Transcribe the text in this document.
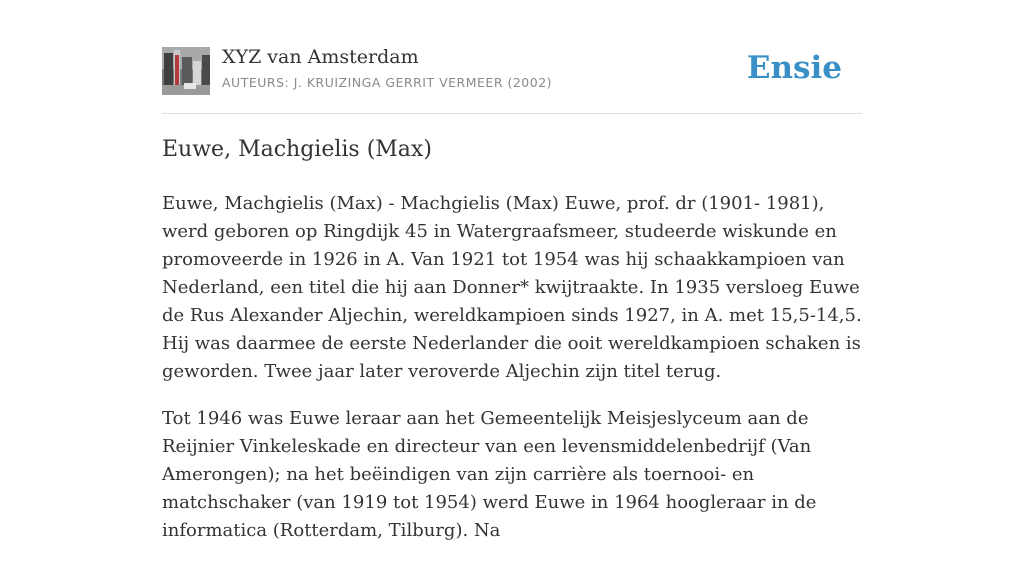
XYZ van Amsterdam
AUTEURS: J. KRUIZINGA GERRIT VERMEER (2002)	Ensie
Euwe, Machgielis (Max)

Euwe, Machgielis (Max) - Machgielis (Max) Euwe, prof. dr (1901- 1981), werd geboren op Ringdijk 45 in Watergraafsmeer, studeerde wiskunde en promoveerde in 1926 in A. Van 1921 tot 1954 was hij schaakkampioen van Nederland, een titel die hij aan Donner* kwijtraakte. In 1935 versloeg Euwe de Rus Alexander Aljechin, wereldkampioen sinds 1927, in A. met 15,5-14,5. Hij was daarmee de eerste Nederlander die ooit wereldkampioen schaken is geworden. Twee jaar later veroverde Aljechin zijn titel terug.

Tot 1946 was Euwe leraar aan het Gemeentelijk Meisjeslyceum aan de Reijnier Vinkeleskade en directeur van een levensmiddelenbedrijf (Van Amerongen); na het beëindigen van zijn carrière als toernooi- en matchschaker (van 1919 tot 1954) werd Euwe in 1964 hoogleraar in de informatica (Rotterdam, Tilburg). Na
